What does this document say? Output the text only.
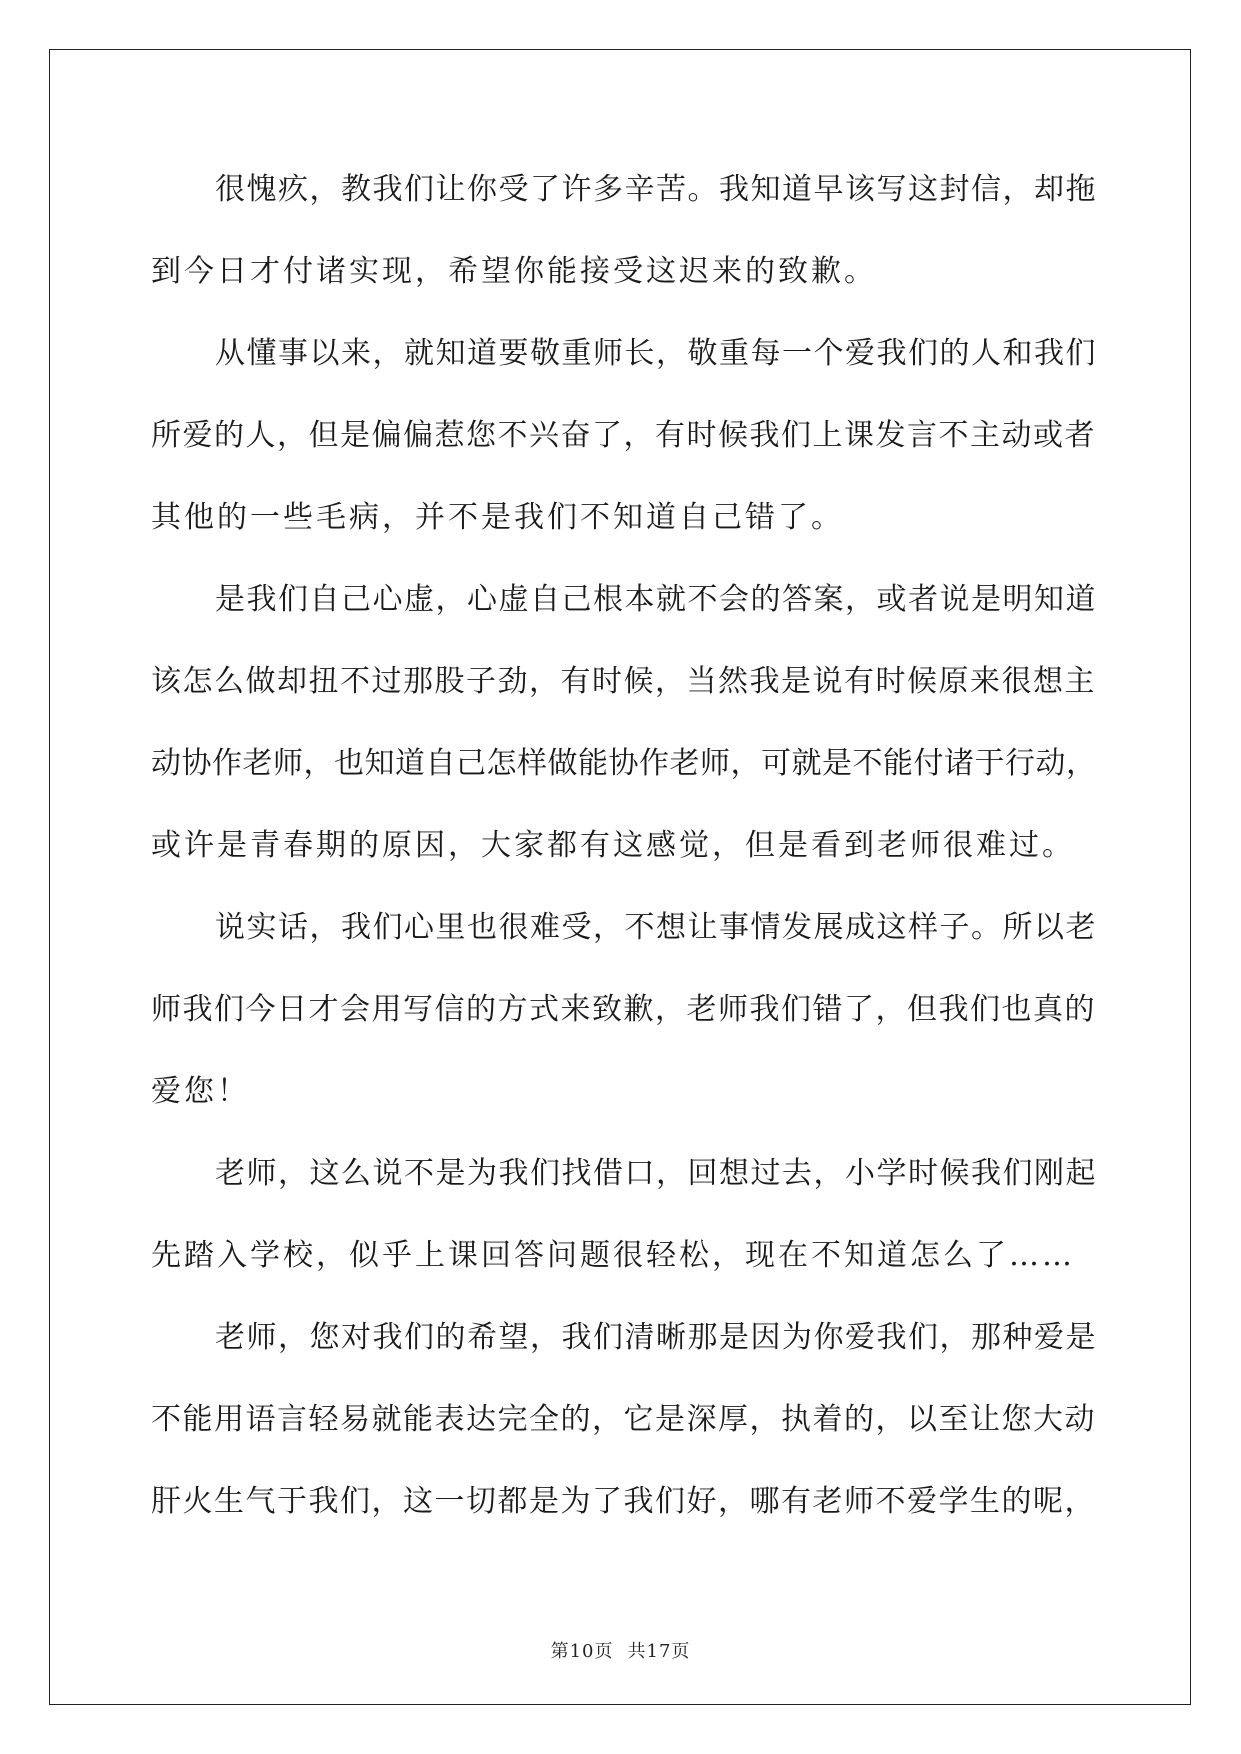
很愧疚，教我们让你受了许多辛苦。我知道早该写这封信，却拖
到今日才付诸实现，希望你能接受这迟来的致歉。
从懂事以来，就知道要敬重师长，敬重每一个爱我们的人和我们
所爱的人，但是偏偏惹您不兴奋了，有时候我们上课发言不主动或者
其他的一些毛病，并不是我们不知道自己错了。
是我们自己心虚，心虚自己根本就不会的答案，或者说是明知道
该怎么做却扭不过那股子劲，有时候，当然我是说有时候原来很想主
动协作老师，也知道自己怎样做能协作老师，可就是不能付诸于行动，
或许是青春期的原因，大家都有这感觉，但是看到老师很难过。
说实话，我们心里也很难受，不想让事情发展成这样子。所以老
师我们今日才会用写信的方式来致歉，老师我们错了，但我们也真的
爱您！
老师，这么说不是为我们找借口，回想过去，小学时候我们刚起
先踏入学校，似乎上课回答问题很轻松，现在不知道怎么了……
老师，您对我们的希望，我们清晰那是因为你爱我们，那种爱是
不能用语言轻易就能表达完全的，它是深厚，执着的，以至让您大动
肝火生气于我们，这一切都是为了我们好，哪有老师不爱学生的呢，
第10页 共17页
